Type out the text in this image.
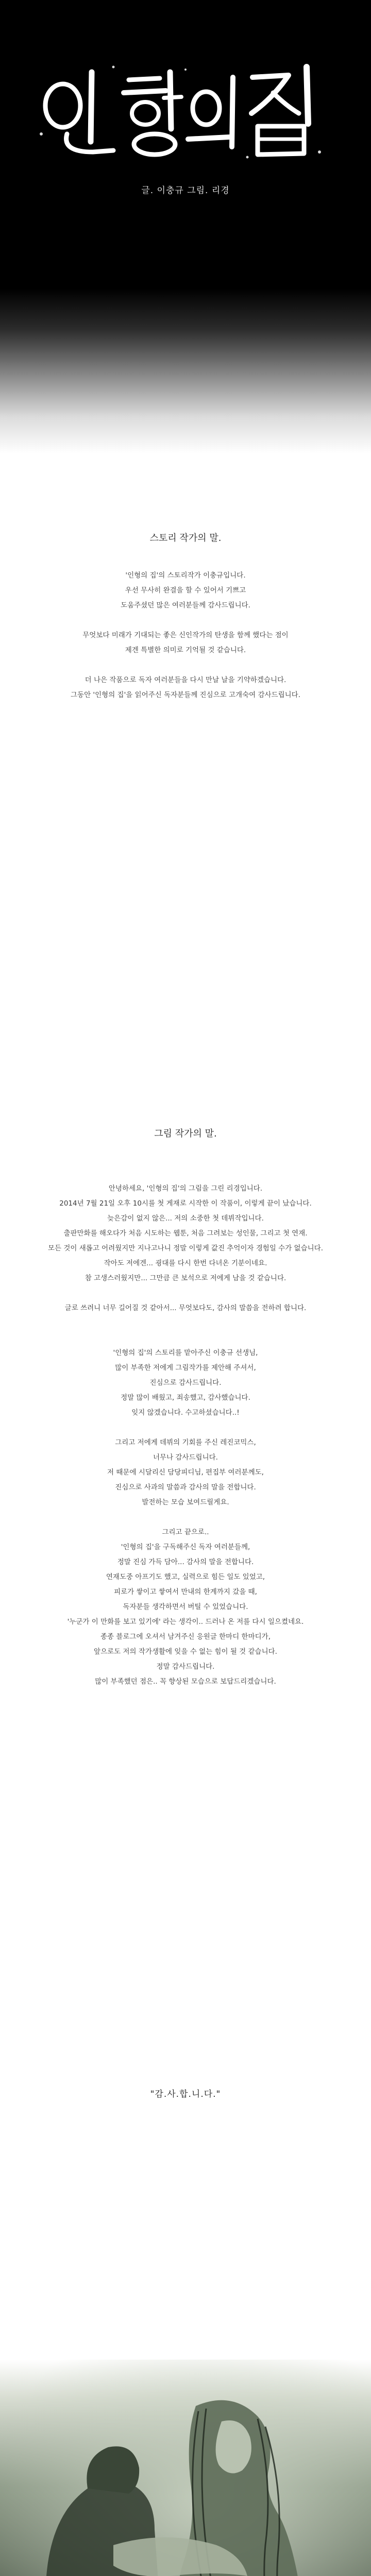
글. 이충규 그림. 리경
스토리 작가의 말.

'인형의 집'의 스토리작가 이충규입니다.

우선 무사히 완결을 할 수 있어서 기쁘고

도움주셨던 많은 여러분들께 감사드립니다.

무엇보다 미래가 기대되는 좋은 신인작가의 탄생을 함께 했다는 점이

제겐 특별한 의미로 기억될 것 같습니다.

더 나은 작품으로 독자 여러분들을 다시 만날 날을 기약하겠습니다.

그동안 '인형의 집'을 읽어주신 독자분들께 진심으로 고개숙여 감사드립니다.

그림 작가의 말.

안녕하세요, '인형의 집'의 그림을 그린 리경입니다.

2014년 7월 21일 오후 10시를 첫 게재로 시작한 이 작품이, 이렇게 끝이 났습니다.

늦은감이 없지 않은... 저의 소중한 첫 데뷔작입니다.

출판만화를 해오다가 처음 시도하는 웹툰, 처음 그려보는 성인물, 그리고 첫 연재.

모든 것이 새롭고 어려웠지만 지나고나니 정말 이렇게 값진 추억이자 경험일 수가 없습니다.

작아도 저에겐... 굉대를 다시 한번 다녀온 기분이네요.

참 고생스러웠지만... 그만큼 큰 보석으로 저에게 남을 것 같습니다.

글로 쓰려니 너무 길어질 것 같아서... 무엇보다도, 감사의 말씀을 전하려 합니다.

'인형의 집'의 스토리를 맡아주신 이충규 선생님,

많이 부족한 저에게 그림작가를 제안해 주셔서,

진심으로 감사드립니다.

정말 많이 배웠고, 죄송했고, 감사했습니다.

잊지 않겠습니다. 수고하셨습니다..!

그리고 저에게 데뷔의 기회를 주신 레진코믹스,

너무나 감사드립니다.

저 때문에 시달리신 담당피디님, 편집부 여러분께도,

진심으로 사과의 말씀과 감사의 말을 전합니다.

발전하는 모습 보여드릴게요.

그리고 끝으로..

'인형의 집'을 구독해주신 독자 여러분들께,

정말 진심 가득 담아... 감사의 말을 전합니다.

연재도중 아프기도 했고, 실력으로 힘든 일도 있었고,

피로가 쌓이고 쌓여서 만내의 한계까지 갔을 때,

독자분들 생각하면서 버틸 수 있었습니다.

'누군가 이 만화를 보고 있기에' 라는 생각이.. 드러나 온 저를 다시 일으켰네요.

종종 블로그에 오셔서 남겨주신 응원글 한마디 한마디가,

앞으로도 저의 작가생활에 잊을 수 없는 힘이 될 것 같습니다.

정말 감사드립니다.

많이 부족했던 점은.. 꼭 향상된 모습으로 보답드리겠습니다.

"감.사.합.니.다."
